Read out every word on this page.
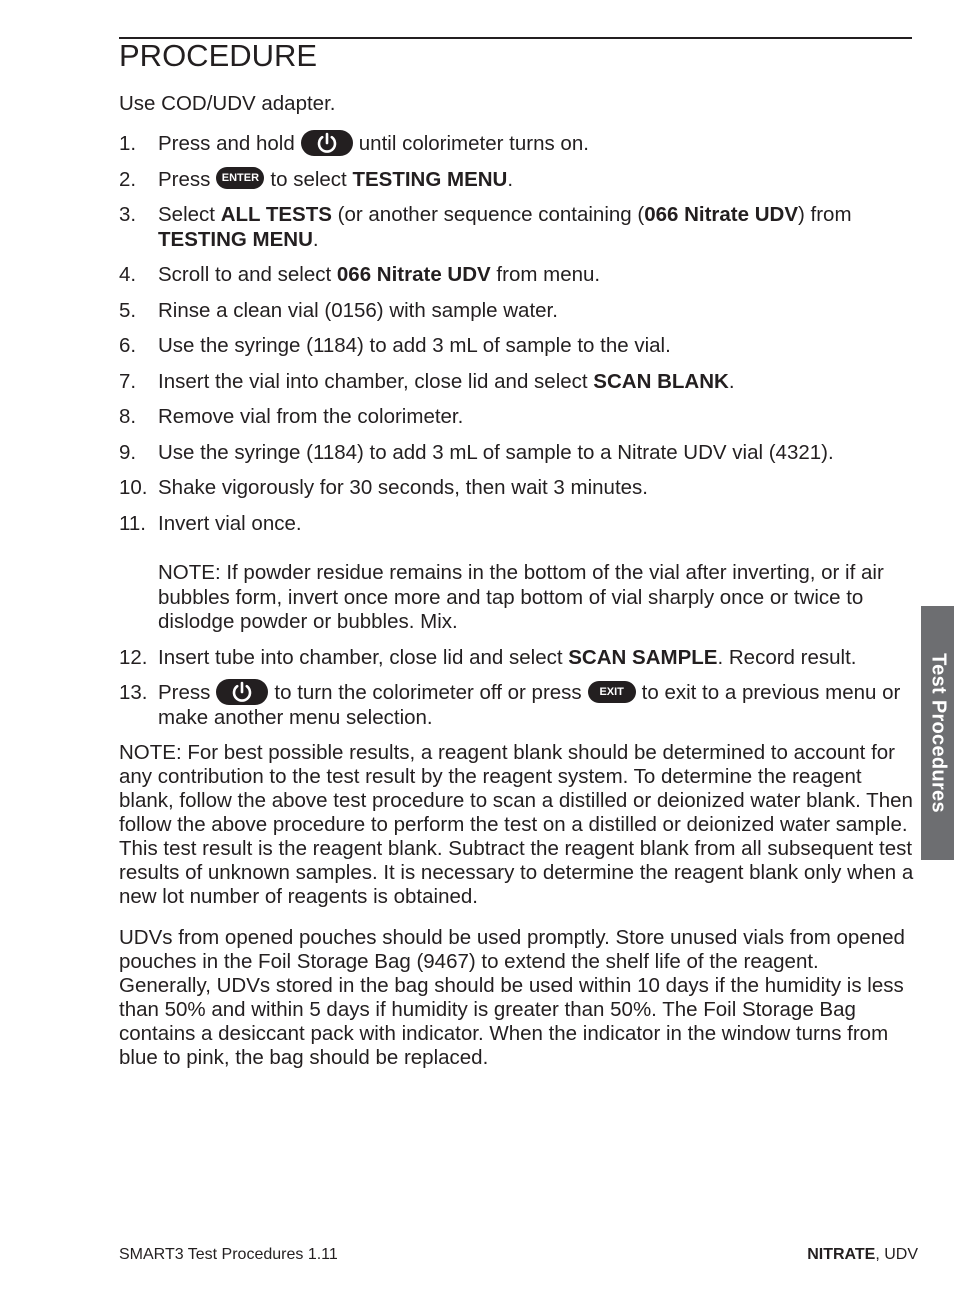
PROCEDURE
Use COD/UDV adapter.
1. Press and hold	until colorimeter turns on.
2. Press ENTER to select TESTING MENU.
3. Select ALL TESTS (or another sequence containing (066 Nitrate UDV) from TESTING MENU.
4. Scroll to and select 066 Nitrate UDV from menu.
5. Rinse a clean vial (0156) with sample water.
6. Use the syringe (1184) to add 3 mL of sample to the vial.
7. Insert the vial into chamber, close lid and select SCAN BLANK.
8. Remove vial from the colorimeter.
9. Use the syringe (1184) to add 3 mL of sample to a Nitrate UDV vial (4321).
10. Shake vigorously for 30 seconds, then wait 3 minutes.
11. Invert vial once.
NOTE: If powder residue remains in the bottom of the vial after inverting, or if air bubbles form, invert once more and tap bottom of vial sharply once or twice to dislodge powder or bubbles. Mix.
12. Insert tube into chamber, close lid and select SCAN SAMPLE. Record result.
13. Press	to turn the colorimeter off or press EXIT to exit to a previous menu or make another menu selection.
NOTE: For best possible results, a reagent blank should be determined to account for any contribution to the test result by the reagent system. To determine the reagent blank, follow the above test procedure to scan a distilled or deionized water blank. Then follow the above procedure to perform the test on a distilled or deionized water sample. This test result is the reagent blank. Subtract the reagent blank from all subsequent test results of unknown samples. It is necessary to determine the reagent blank only when a new lot number of reagents is obtained.
UDVs from opened pouches should be used promptly. Store unused vials from opened pouches in the Foil Storage Bag (9467) to extend the shelf life of the reagent. Generally, UDVs stored in the bag should be used within 10 days if the humidity is less than 50% and within 5 days if humidity is greater than 50%. The Foil Storage Bag contains a desiccant pack with indicator. When the indicator in the window turns from blue to pink, the bag should be replaced.
Test Procedures
SMART3 Test Procedures 1.11	NITRATE, UDV
